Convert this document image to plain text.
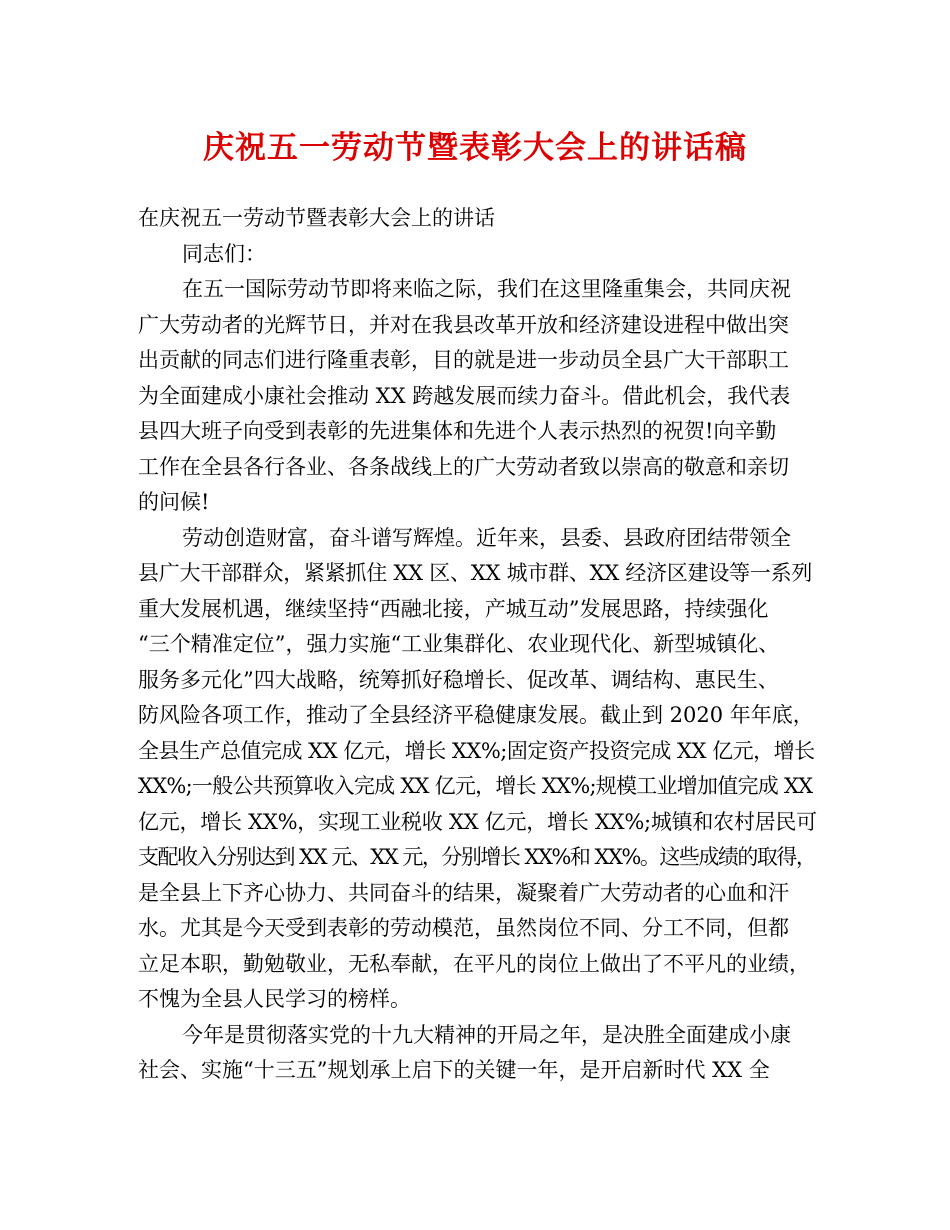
庆祝五一劳动节暨表彰大会上的讲话稿
在庆祝五一劳动节暨表彰大会上的讲话
同志们：
在五一国际劳动节即将来临之际，我们在这里隆重集会，共同庆祝
广大劳动者的光辉节日，并对在我县改革开放和经济建设进程中做出突
出贡献的同志们进行隆重表彰，目的就是进一步动员全县广大干部职工
为全面建成小康社会推动 XX 跨越发展而续力奋斗。借此机会，我代表
县四大班子向受到表彰的先进集体和先进个人表示热烈的祝贺!向辛勤
工作在全县各行各业、各条战线上的广大劳动者致以崇高的敬意和亲切
的问候!
劳动创造财富，奋斗谱写辉煌。近年来，县委、县政府团结带领全
县广大干部群众，紧紧抓住 XX 区、XX 城市群、XX 经济区建设等一系列
重大发展机遇，继续坚持“西融北接，产城互动”发展思路，持续强化
“三个精准定位”，强力实施“工业集群化、农业现代化、新型城镇化、
服务多元化”四大战略，统筹抓好稳增长、促改革、调结构、惠民生、
防风险各项工作，推动了全县经济平稳健康发展。截止到 2020 年年底，
全县生产总值完成 XX 亿元，增长 XX%;固定资产投资完成 XX 亿元，增长
XX%;一般公共预算收入完成 XX 亿元，增长 XX%;规模工业增加值完成 XX
亿元，增长 XX%，实现工业税收 XX 亿元，增长 XX%;城镇和农村居民可
支配收入分别达到 XX 元、XX 元，分别增长 XX%和 XX%。这些成绩的取得，
是全县上下齐心协力、共同奋斗的结果，凝聚着广大劳动者的心血和汗
水。尤其是今天受到表彰的劳动模范，虽然岗位不同、分工不同，但都
立足本职，勤勉敬业，无私奉献，在平凡的岗位上做出了不平凡的业绩，
不愧为全县人民学习的榜样。
今年是贯彻落实党的十九大精神的开局之年，是决胜全面建成小康
社会、实施“十三五”规划承上启下的关键一年，是开启新时代 XX 全
